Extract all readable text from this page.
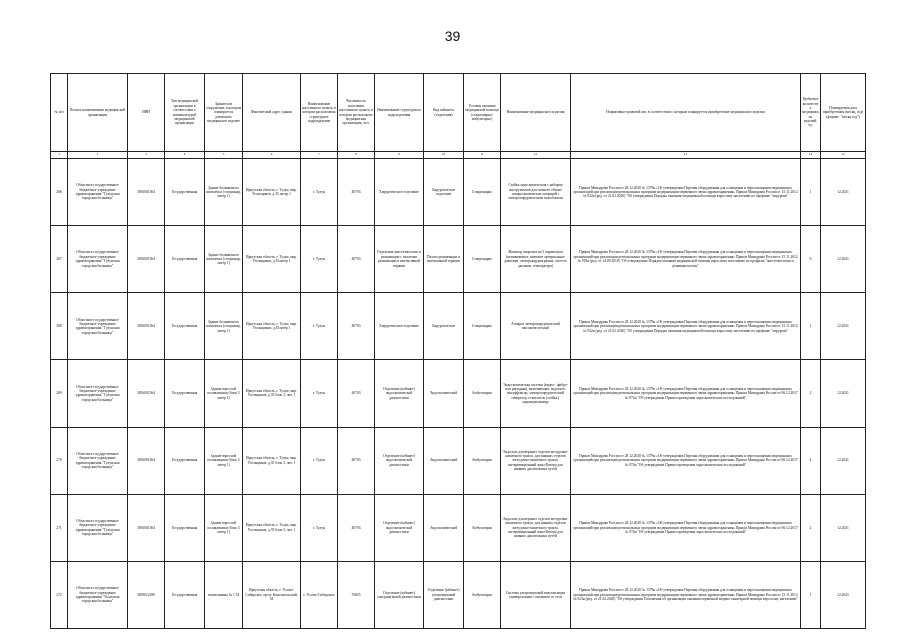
39
№ п/п	Полное наименование медицинской организации	ИНН	Тип медицинской организации в соответствии с номенклатурой медицинской организации	Здание или сооружение, в котором планируется размещать медицинское изделие	Фактический адрес здания	Наименование населенного пункта, в котором расположена структурное подразделение	Численность населения населенного пункта, в котором расположено медицинская организация, чел.	Наименование структурного подразделения	Вид кабинета (отделения)	Условия оказания медицинской помощи (стационарно/амбулаторно)	Наименование медицинского изделия	Нормативно-правовой акт, в соответствии с которым планируется приобретение медицинского изделия	Требуемое количество медицинских изделий, ед.	Планируемая дата приобретения (месяц, год) (формат: "месяц.год")
1	2	3	4	5	6	7	8	9	10	11	12	13	14	15
266	Областное государственное бюджетное учреждение здравоохранения "Тулунская городская больница"	3816001364	Государственная	Здание больничного комплекса (стационар, литер 1)	Иркутская область, г. Тулун, мкр. Угольщиков, д.35 литер 1	г. Тулун	40703	Хирургическое отделение	Хирургическое отделение	Стационарно	Стойка эндоскопическая с набором инструментов для полного объема лапароскопических операций с электрохирургическим моноблоком	Приказ Минздрава России от 28.12.2020 № 1379н «Об утверждении Перечня оборудования для оснащения и переоснащения медицинских организаций при реализации региональных программ модернизации первичного звена здравоохранения» Приказ Минздрава России от 15.11.2012 № 922н (ред. от 21.02.2020) "Об утверждении Порядка оказания медицинской помощи взрослому населению по профилю "хирургия"	1	12.2021
267	Областное государственное бюджетное учреждение здравоохранения "Тулунская городская больница"	3816001364	Государственная	Здание больничного комплекса (стационар, литер 1)	Иркутская область, г. Тулун, мкр. Угольщиков, д.35литер 1	г. Тулун	40703	Отделение анестезиологии и реанимации с палатами реанимации и интенсивной терапии	Палата реанимации и интенсивной терапии	Стационарно	Монитор пациента на 5 параметров (неинвазивное, внешнее артериальное давление, электрокардиограмма, частота дыхания, температура)	Приказ Минздрава России от 28.12.2020 № 1379н «Об утверждении Перечня оборудования для оснащения и переоснащения медицинских организаций при реализации региональных программ модернизации первичного звена здравоохранения» Приказ Минздрава России от 15.11.2012 № 919н (ред. от 14.09.2018) "Об утверждении Порядка оказания медицинской помощи взрослому населению по профилю "анестезиология и реаниматология"	6	12.2021
268	Областное государственное бюджетное учреждение здравоохранения "Тулунская городская больница"	3816001364	Государственная	Здание больничного комплекса (стационар, литер 1)	Иркутская область, г. Тулун, мкр. Угольщиков, д.35литер 1	г. Тулун	40703	Хирургическое отделение	Хирургическое	Стационарно	Аппарат электрохирургический высокочастотный	Приказ Минздрава России от 28.12.2020 № 1379н «Об утверждении Перечня оборудования для оснащения и переоснащения медицинских организаций при реализации региональных программ модернизации первичного звена здравоохранения» Приказ Минздрава России от 15.11.2012 № 922н (ред. от 21.02.2020) "Об утверждении Порядка оказания медицинской помощи взрослому населению по профилю "хирургия"	1	12.2021
269	Областное государственное бюджетное учреждение здравоохранения "Тулунская городская больница"	3816001364	Государственная	Здание взрослой поликлиники (блок 3 литер 1)	Иркутская область, г. Тулун, мкр. Угольщиков, д.35 блок 3, лит. 1	г. Тулун	40703	Отделение (кабинет) эндоскопической диагностики	Эндоскопический	Амбулаторно	Эндоскопическая система (видео-, фибро- или ригидная), включающая: эндоскоп, инсуффлятор, электрохирургический генератор, осветитель (стойка), эндовидеокамеру	Приказ Минздрава России от 28.12.2020 № 1379н «Об утверждении Перечня оборудования для оснащения и переоснащения медицинских организаций при реализации региональных программ модернизации первичного звена здравоохранения» Приказ Минздрава России от 06.12.2017 № 974н "Об утверждении Правил проведения эндоскопических исследований"	2	12.2021
270	Областное государственное бюджетное учреждение здравоохранения "Тулунская городская больница"	3816001364	Государственная	Здание взрослой поликлиники (блок 3 литер 1)	Иркутская область, г. Тулун, мкр. Угольщиков, д.35 блок 3, лит. 1	г. Тулун	40703	Отделение (кабинет) эндоскопической диагностики	Эндоскопический	Амбулаторно	Эндоскоп для верхних отделов желудочно-кишечного тракта, для нижних отделов желудочно-кишечного тракта, интервенционный зоны Фатера для нижних дыхательных путей	Приказ Минздрава России от 28.12.2020 № 1379н «Об утверждении Перечня оборудования для оснащения и переоснащения медицинских организаций при реализации региональных программ модернизации первичного звена здравоохранения» Приказ Минздрава России от 06.12.2017 № 974н "Об утверждении Правил проведения эндоскопических исследований"	4	12.2021
271	Областное государственное бюджетное учреждение здравоохранения "Тулунская городская больница"	3816001364	Государственная	Здание взрослой поликлиники (блок 3 литер 1)	Иркутская область, г. Тулун, мкр. Угольщиков, д.35 блок 3, лит. 1	г. Тулун	40703	Отделение (кабинет) эндоскопической диагностики	Эндоскопический	Амбулаторно	Эндоскоп для верхних отделов желудочно-кишечного тракта, для нижних отделов желудочно-кишечного тракта, интервенционный зоны Фатера для нижних дыхательных путей	Приказ Минздрава России от 28.12.2020 № 1379н «Об утверждении Перечня оборудования для оснащения и переоснащения медицинских организаций при реализации региональных программ модернизации первичного звена здравоохранения» Приказ Минздрава России от 06.12.2017 № 974н "Об утверждении Правил проведения эндоскопических исследований"	2	12.2021
272	Областное государственное бюджетное учреждение здравоохранения "Усольская городская больница"	3819012290	Государственная	поликлиника № 1 54	Иркутская область, г. Усолье-Сибирское, пр-кт Комсомольский, 54	г. Усолье-Сибирское	76825	Отделение (кабинет) ультразвуковой диагностики	Отделение (кабинет) ультразвуковой диагностики	Амбулаторно	Система ультразвуковой визуализации универсальная с питанием от сети	Приказ Минздрава России от 28.12.2020 № 1379н «Об утверждении Перечня оборудования для оснащения и переоснащения медицинских организаций при реализации региональных программ модернизации первичного звена здравоохранения» Приказ Минздрава России от 15.11.2012 № 923н (ред. от 21.02.2020) "Об утверждении Положения об организации оказания первичной медико-санитарной помощи взрослому населению"	1	12.2025
